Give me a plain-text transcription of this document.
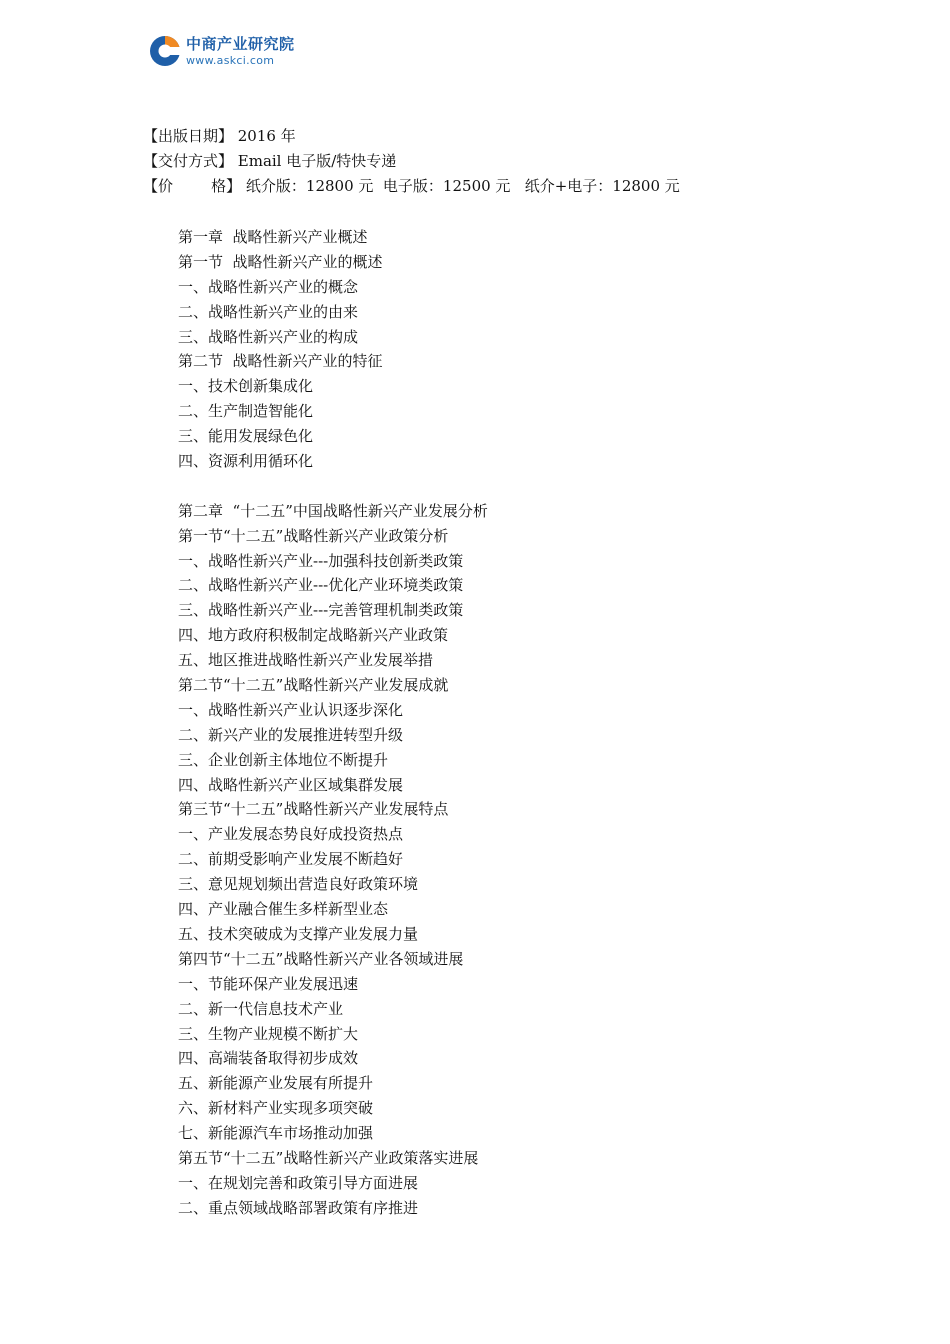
中商产业研究院
www.askci.com
【出版日期】 2016 年
【交付方式】 Email 电子版/特快专递
【价        格】 纸介版：12800 元  电子版：12500 元   纸介+电子：12800 元
第一章  战略性新兴产业概述
第一节  战略性新兴产业的概述
一、战略性新兴产业的概念
二、战略性新兴产业的由来
三、战略性新兴产业的构成
第二节  战略性新兴产业的特征
一、技术创新集成化
二、生产制造智能化
三、能用发展绿色化
四、资源利用循环化
第二章  “十二五”中国战略性新兴产业发展分析
第一节“十二五”战略性新兴产业政策分析
一、战略性新兴产业---加强科技创新类政策
二、战略性新兴产业---优化产业环境类政策
三、战略性新兴产业---完善管理机制类政策
四、地方政府积极制定战略新兴产业政策
五、地区推进战略性新兴产业发展举措
第二节“十二五”战略性新兴产业发展成就
一、战略性新兴产业认识逐步深化
二、新兴产业的发展推进转型升级
三、企业创新主体地位不断提升
四、战略性新兴产业区域集群发展
第三节“十二五”战略性新兴产业发展特点
一、产业发展态势良好成投资热点
二、前期受影响产业发展不断趋好
三、意见规划频出营造良好政策环境
四、产业融合催生多样新型业态
五、技术突破成为支撑产业发展力量
第四节“十二五”战略性新兴产业各领域进展
一、节能环保产业发展迅速
二、新一代信息技术产业
三、生物产业规模不断扩大
四、高端装备取得初步成效
五、新能源产业发展有所提升
六、新材料产业实现多项突破
七、新能源汽车市场推动加强
第五节“十二五”战略性新兴产业政策落实进展
一、在规划完善和政策引导方面进展
二、重点领域战略部署政策有序推进
